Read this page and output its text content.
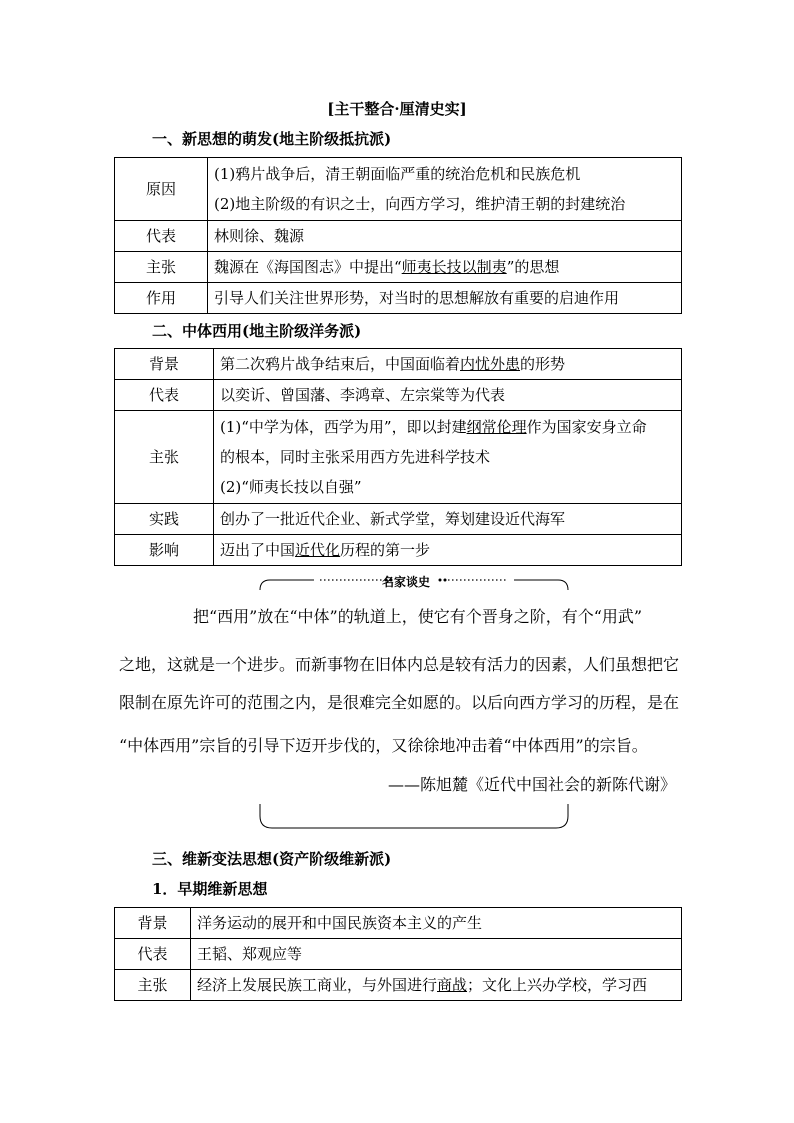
[主干整合·厘清史实]
一、新思想的萌发(地主阶级抵抗派)
原因	(1)鸦片战争后，清王朝面临严重的统治危机和民族危机
(2)地主阶级的有识之士，向西方学习，维护清王朝的封建统治

代表	林则徐、魏源
主张	魏源在《海国图志》中提出“师夷长技以制夷”的思想
作用	引导人们关注世界形势，对当时的思想解放有重要的启迪作用
二、中体西用(地主阶级洋务派)
背景	第二次鸦片战争结束后，中国面临着内忧外患的形势
代表	以奕䜣、曾国藩、李鸿章、左宗棠等为代表
主张	(1)“中学为体，西学为用”，即以封建纲常伦理作为国家安身立命
的根本，同时主张采用西方先进科学技术
(2)“师夷长技以自强”

实践	创办了一批近代企业、新式学堂，筹划建设近代海军
影响	迈出了中国近代化历程的第一步
名家谈史
把“西用”放在“中体”的轨道上，使它有个晋身之阶，有个“用武”
之地，这就是一个进步。而新事物在旧体内总是较有活力的因素，人们虽想把它
限制在原先许可的范围之内，是很难完全如愿的。以后向西方学习的历程，是在
“中体西用”宗旨的引导下迈开步伐的，又徐徐地冲击着“中体西用”的宗旨。
——陈旭麓《近代中国社会的新陈代谢》
三、维新变法思想(资产阶级维新派)
1．早期维新思想
背景	洋务运动的展开和中国民族资本主义的产生
代表	王韬、郑观应等
主张	经济上发展民族工商业，与外国进行商战；文化上兴办学校，学习西
